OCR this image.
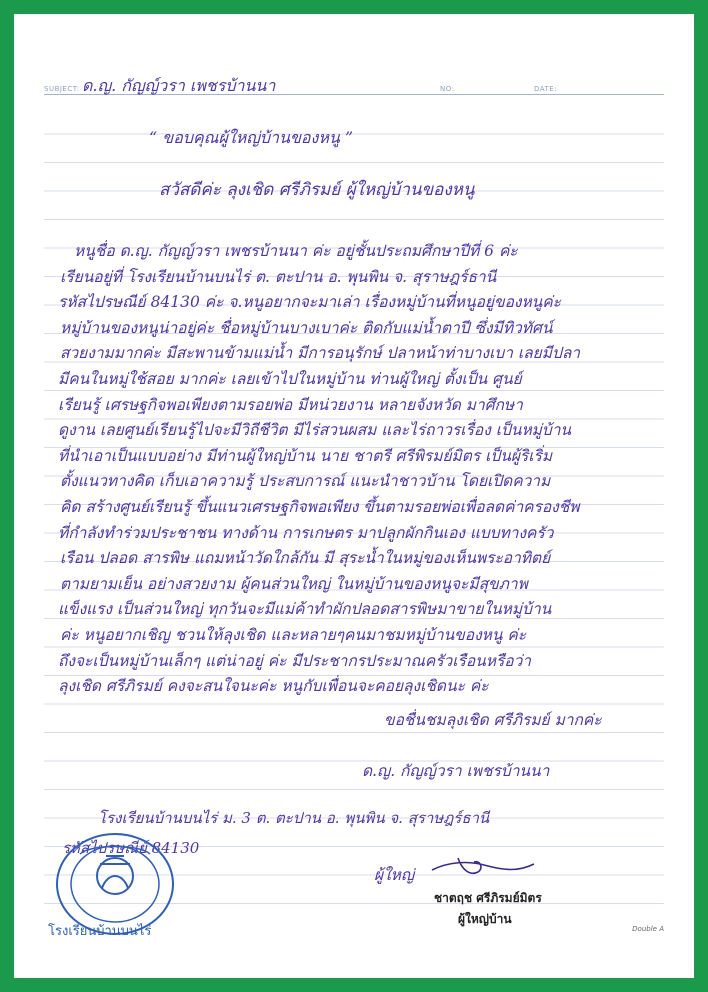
SUBJECT: ด.ญ. กัญญ์วรา เพชรบ้านนา	NO:	DATE:
“ ขอบคุณผู้ใหญ่บ้านของหนู ”
สวัสดีค่ะ ลุงเชิด ศรีภิรมย์ ผู้ใหญ่บ้านของหนู
หนูชื่อ ด.ญ. กัญญ์วรา เพชรบ้านนา ค่ะ อยู่ชั้นประถมศึกษาปีที่ 6 ค่ะ
เรียนอยู่ที่ โรงเรียนบ้านบนไร่ ต. ตะปาน อ. พุนพิน จ. สุราษฎร์ธานี
รหัสไปรษณีย์ 84130 ค่ะ จ.หนูอยากจะมาเล่า เรื่องหมู่บ้านที่หนูอยู่ของหนูค่ะ
หมู่บ้านของหนูน่าอยู่ค่ะ ชื่อหมู่บ้านบางเบาค่ะ ติดกับแม่น้ำตาปี ซึ่งมีทิวทัศน์
สวยงามมากค่ะ มีสะพานข้ามแม่น้ำ มีการอนุรักษ์ ปลาหน้าท่าบางเบา เลยมีปลา
มีคนในหมู่ใช้สอย มากค่ะ เลยเข้าไปในหมู่บ้าน ท่านผู้ใหญ่ ตั้งเป็น ศูนย์
เรียนรู้ เศรษฐกิจพอเพียงตามรอยพ่อ มีหน่วยงาน หลายจังหวัด มาศึกษา
ดูงาน เลยศูนย์เรียนรู้ไปจะมีวิถีชีวิต มีไร่สวนผสม และไร่ถาวรเรื่อง เป็นหมู่บ้าน
ที่นำเอาเป็นแบบอย่าง มีท่านผู้ใหญ่บ้าน นาย ชาตรี ศรีพิรมย์มิตร เป็นผู้ริเริ่ม
ตั้งแนวทางคิด เก็บเอาความรู้ ประสบการณ์ แนะนำชาวบ้าน โดยเปิดความ
คิด สร้างศูนย์เรียนรู้ ขึ้นแนวเศรษฐกิจพอเพียง ขึ้นตามรอยพ่อเพื่อลดค่าครองชีพ
ที่กำลังทำร่วมประชาชน ทางด้าน การเกษตร มาปลูกผักกินเอง แบบทางครัว
เรือน ปลอด สารพิษ แถมหน้าวัดใกล้กัน มี สุระน้ำในหมู่ของเห็นพระอาทิตย์
ตามยามเย็น อย่างสวยงาม ผู้คนส่วนใหญ่ ในหมู่บ้านของหนูจะมีสุขภาพ
แข็งแรง เป็นส่วนใหญ่ ทุกวันจะมีแม่ค้าทำผักปลอดสารพิษมาขายในหมู่บ้าน
ค่ะ หนูอยากเชิญ ชวนให้ลุงเชิด และหลายๆคนมาชมหมู่บ้านของหนู ค่ะ
ถึงจะเป็นหมู่บ้านเล็กๆ แต่น่าอยู่ ค่ะ มีประชากรประมาณครัวเรือนหรือว่า
ลุงเชิด ศรีภิรมย์ คงจะสนใจนะค่ะ หนูกับเพื่อนจะคอยลุงเชิดนะ ค่ะ
ขอชื่นชมลุงเชิด ศรีภิรมย์ มากค่ะ
ด.ญ. กัญญ์วรา เพชรบ้านนา
โรงเรียนบ้านบนไร่ ม. 3 ต. ตะปาน อ. พุนพิน จ. สุราษฎร์ธานี
รหัสไปรษณีย์ 84130
ผู้ใหญ่
ชาตฤช ศรีภิรมย์มิตร
ผู้ใหญ่บ้าน
โรงเรียนบ้านบนไร่	Double A
